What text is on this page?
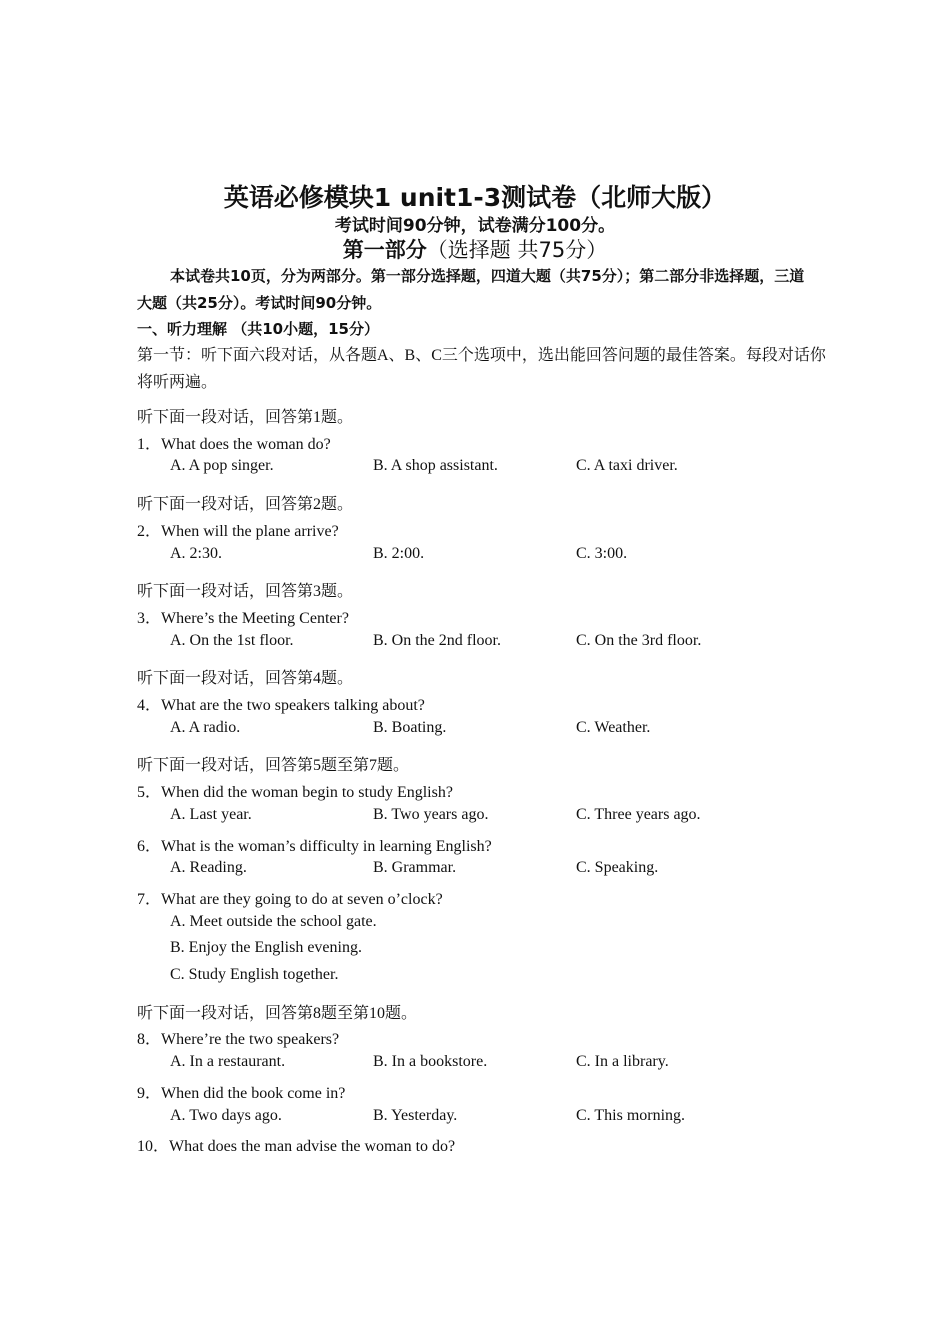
英语必修模块1 unit1-3测试卷（北师大版）
考试时间90分钟，试卷满分100分。
第一部分（选择题 共75分）
本试卷共10页，分为两部分。第一部分选择题，四道大题（共75分）；第二部分非选择题，三道大题（共25分）。考试时间90分钟。
一、听力理解 （共10小题，15分）
第一节：听下面六段对话，从各题A、B、C三个选项中，选出能回答问题的最佳答案。每段对话你将听两遍。
听下面一段对话，回答第1题。
1．What does the woman do?
A. A pop singer.	B. A shop assistant.	C. A taxi driver.
听下面一段对话，回答第2题。
2．When will the plane arrive?
A. 2:30.	B. 2:00.	C. 3:00.
听下面一段对话，回答第3题。
3．Where’s the Meeting Center?
A. On the 1st floor.	B. On the 2nd floor.	C. On the 3rd floor.
听下面一段对话，回答第4题。
4．What are the two speakers talking about?
A. A radio.	B. Boating.	C. Weather.
听下面一段对话，回答第5题至第7题。
5．When did the woman begin to study English?
A. Last year.	B. Two years ago.	C. Three years ago.
6．What is the woman’s difficulty in learning English?
A. Reading.	B. Grammar.	C. Speaking.
7．What are they going to do at seven o’clock?
A. Meet outside the school gate.
B. Enjoy the English evening.
C. Study English together.
听下面一段对话，回答第8题至第10题。
8．Where’re the two speakers?
A. In a restaurant.	B. In a bookstore.	C. In a library.
9．When did the book come in?
A. Two days ago.	B. Yesterday.	C. This morning.
10．What does the man advise the woman to do?
